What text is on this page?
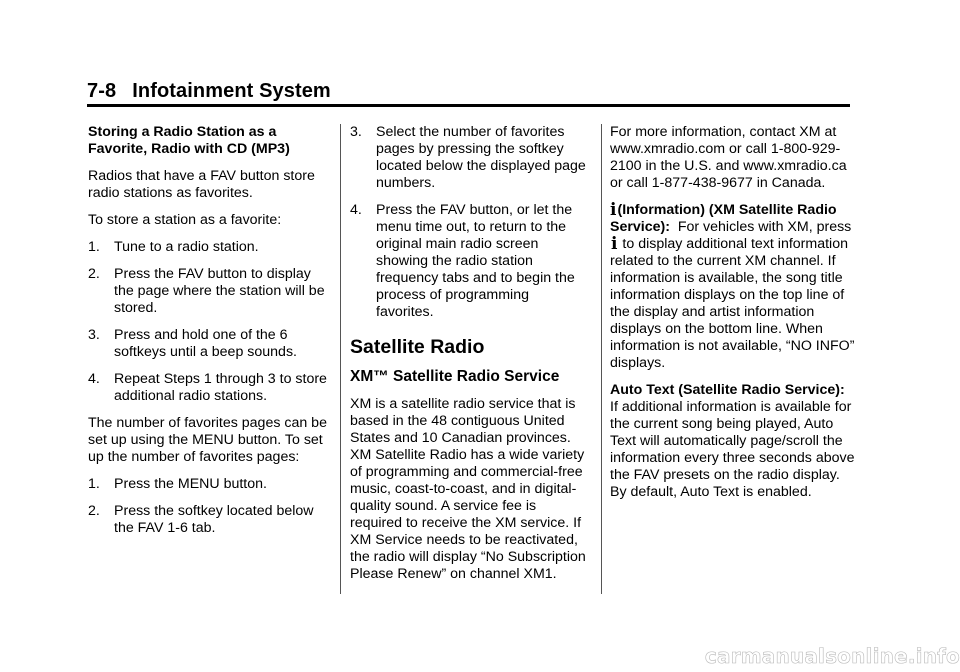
7-8 Infotainment System

Storing a Radio Station as a Favorite, Radio with CD (MP3)

Radios that have a FAV button store radio stations as favorites.

To store a station as a favorite:

1. Tune to a radio station.
2. Press the FAV button to display the page where the station will be stored.
3. Press and hold one of the 6 softkeys until a beep sounds.
4. Repeat Steps 1 through 3 to store additional radio stations.

The number of favorites pages can be set up using the MENU button. To set up the number of favorites pages:

1. Press the MENU button.
2. Press the softkey located below the FAV 1-6 tab.
3. Select the number of favorites pages by pressing the softkey located below the displayed page numbers.
4. Press the FAV button, or let the menu time out, to return to the original main radio screen showing the radio station frequency tabs and to begin the process of programming favorites.
Satellite Radio
XM™ Satellite Radio Service

XM is a satellite radio service that is based in the 48 contiguous United States and 10 Canadian provinces. XM Satellite Radio has a wide variety of programming and commercial-free music, coast-to-coast, and in digital-quality sound. A service fee is required to receive the XM service. If XM Service needs to be reactivated, the radio will display “No Subscription Please Renew” on channel XM1.

For more information, contact XM at www.xmradio.com or call 1-800-929-2100 in the U.S. and www.xmradio.ca or call 1-877-438-9677 in Canada.

i(Information) (XM Satellite Radio Service): For vehicles with XM, press i to display additional text information related to the current XM channel. If information is available, the song title information displays on the top line of the display and artist information displays on the bottom line. When information is not available, “NO INFO” displays.

Auto Text (Satellite Radio Service):  If additional information is available for the current song being played, Auto Text will automatically page/scroll the information every three seconds above the FAV presets on the radio display. By default, Auto Text is enabled.

carmanualsonline.info
